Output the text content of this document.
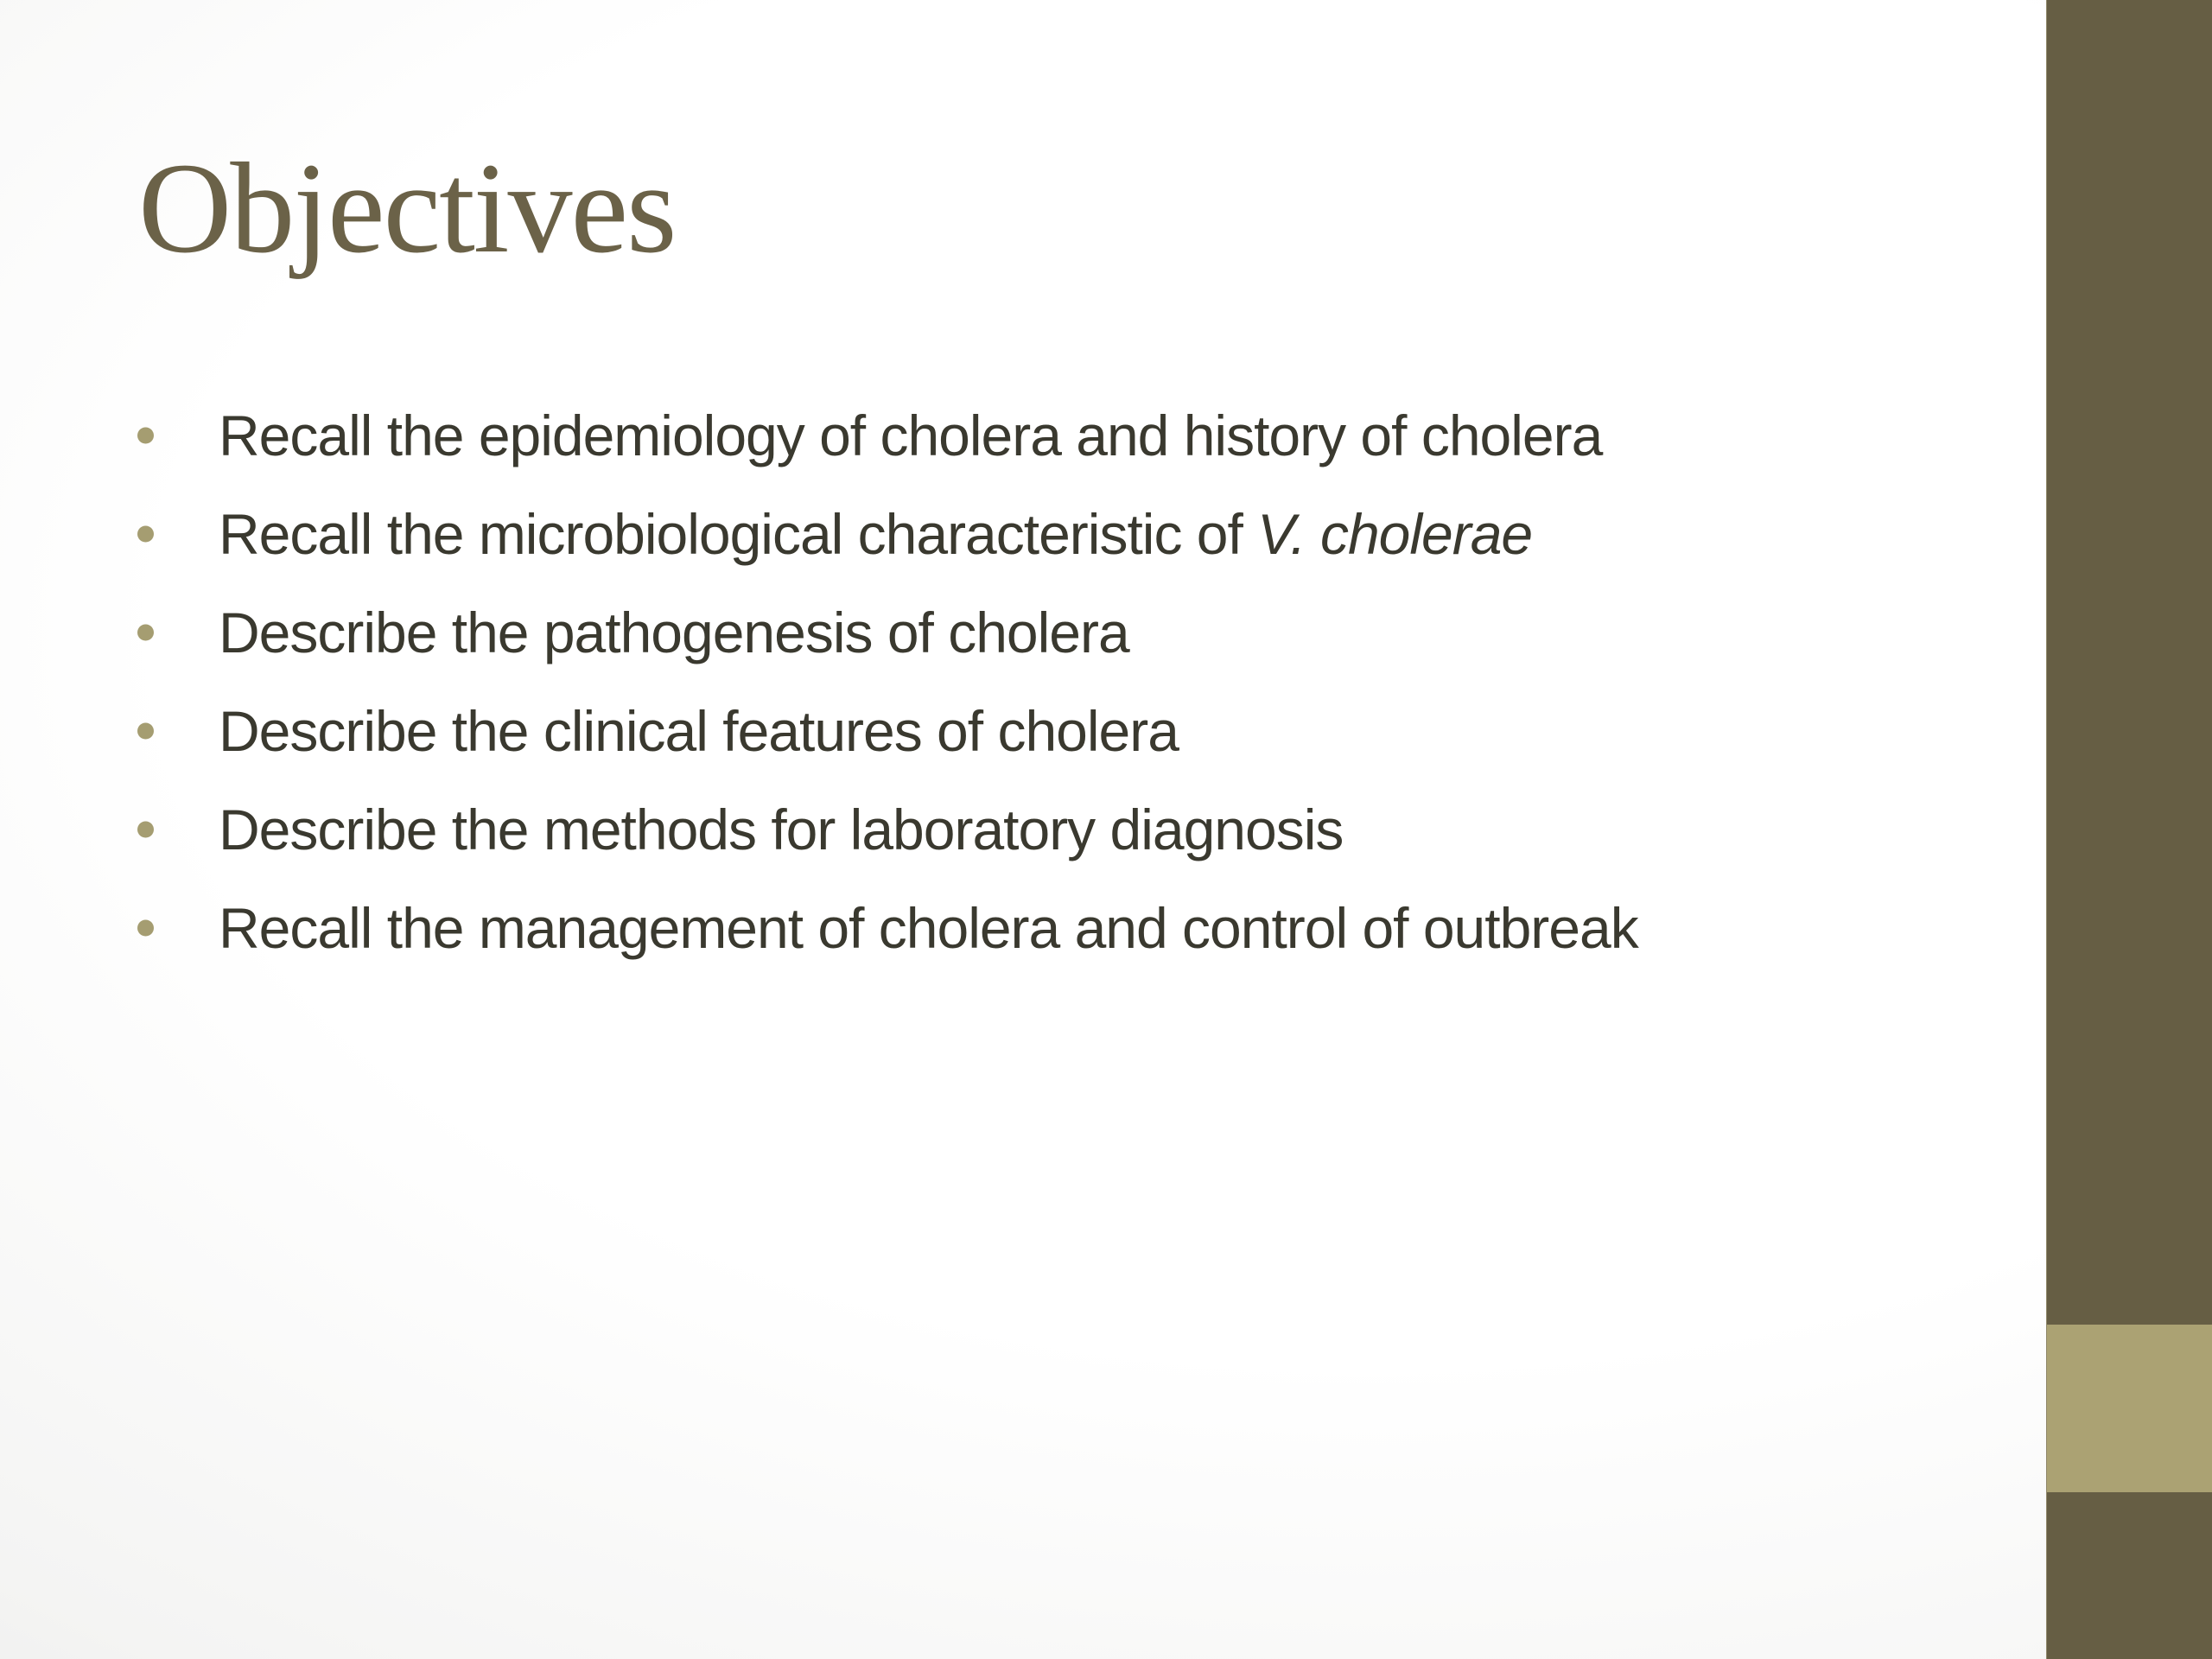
Objectives
Recall the epidemiology of cholera and history of cholera
Recall the microbiological characteristic of V. cholerae
Describe the pathogenesis of cholera
Describe the clinical features of cholera
Describe the methods for laboratory diagnosis
Recall the management of cholera and control of outbreak
